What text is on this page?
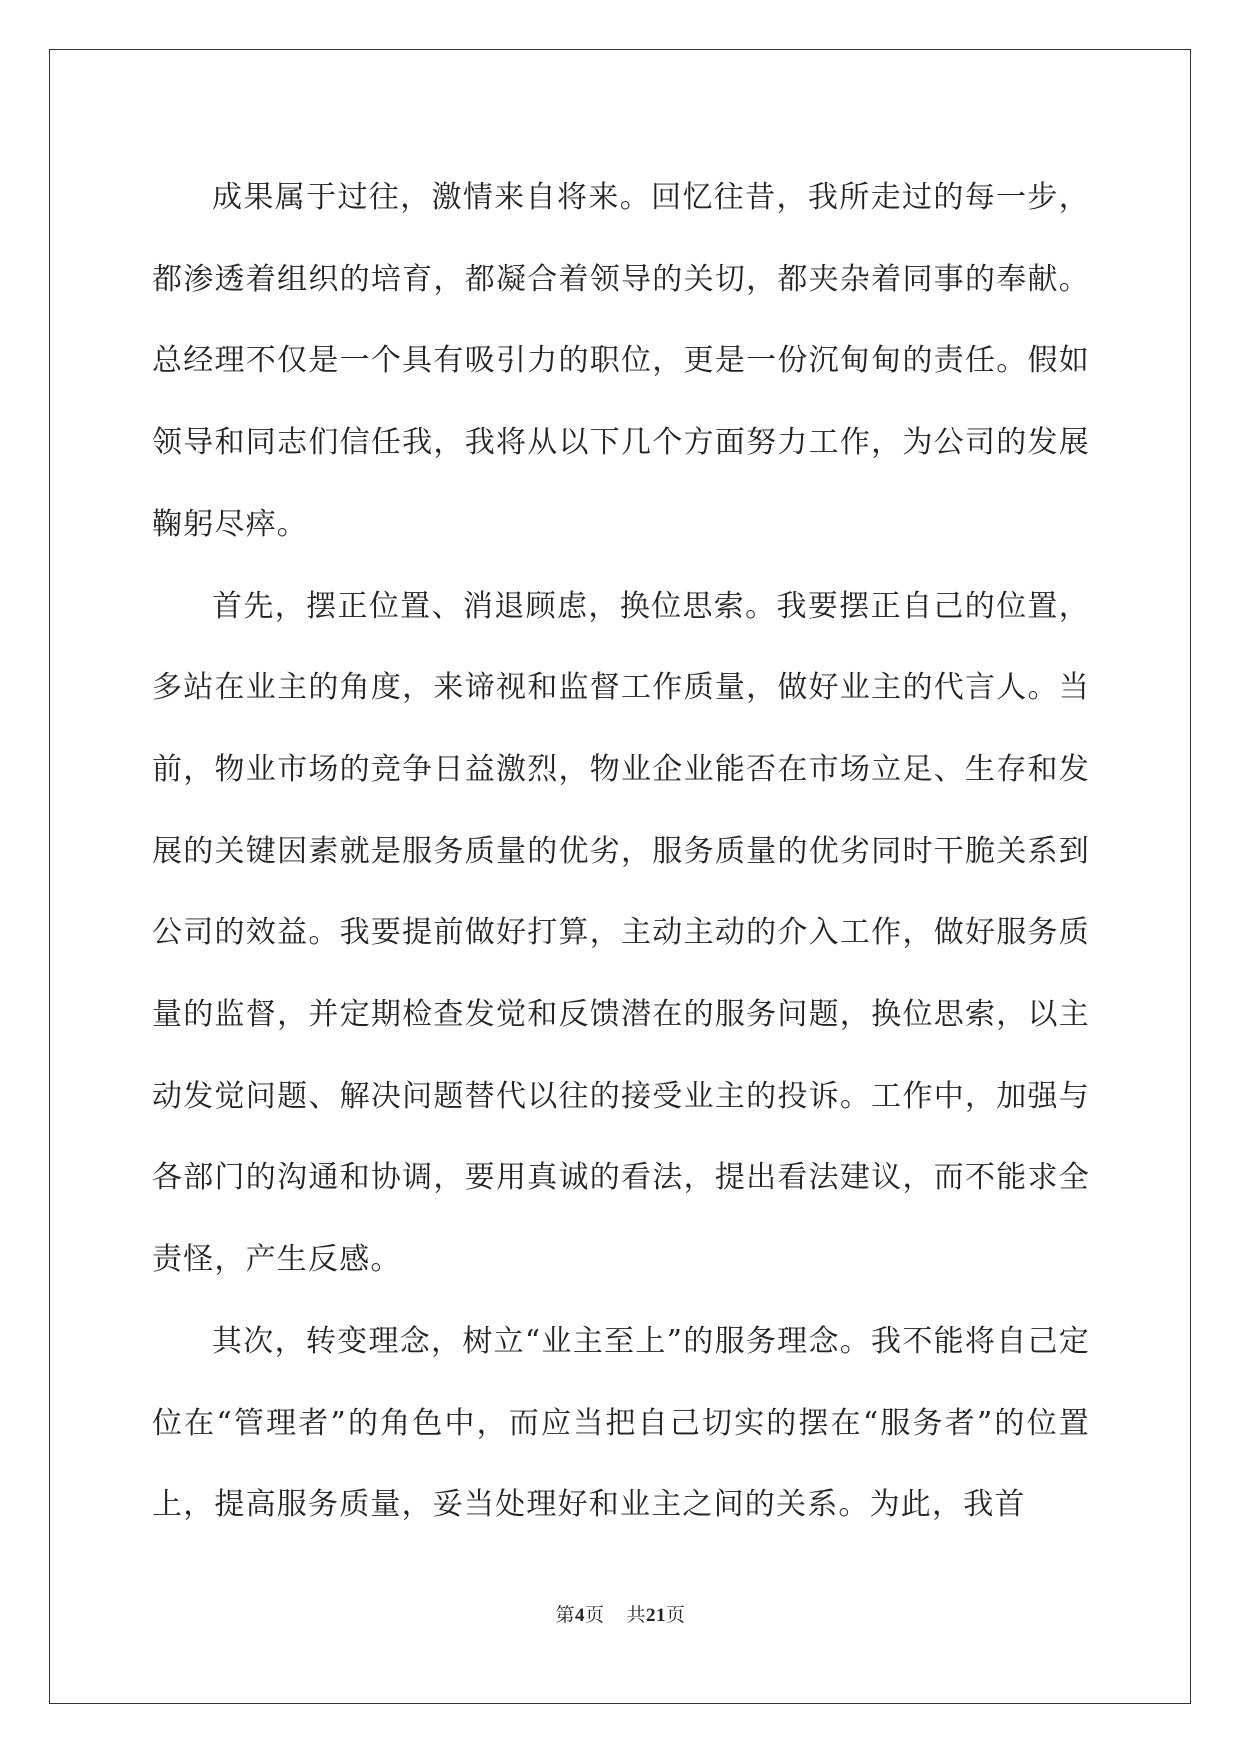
成果属于过往，激情来自将来。回忆往昔，我所走过的每一步，都渗透着组织的培育，都凝合着领导的关切，都夹杂着同事的奉献。总经理不仅是一个具有吸引力的职位，更是一份沉甸甸的责任。假如领导和同志们信任我，我将从以下几个方面努力工作，为公司的发展鞠躬尽瘁。

首先，摆正位置、消退顾虑，换位思索。我要摆正自己的位置，多站在业主的角度，来谛视和监督工作质量，做好业主的代言人。当前，物业市场的竞争日益激烈，物业企业能否在市场立足、生存和发展的关键因素就是服务质量的优劣，服务质量的优劣同时干脆关系到公司的效益。我要提前做好打算，主动主动的介入工作，做好服务质量的监督，并定期检查发觉和反馈潜在的服务问题，换位思索，以主动发觉问题、解决问题替代以往的接受业主的投诉。工作中，加强与各部门的沟通和协调，要用真诚的看法，提出看法建议，而不能求全责怪，产生反感。

其次，转变理念，树立“业主至上”的服务理念。我不能将自己定位在“管理者”的角色中，而应当把自己切实的摆在“服务者”的位置上，提高服务质量，妥当处理好和业主之间的关系。为此，我首

第4页 共21页
